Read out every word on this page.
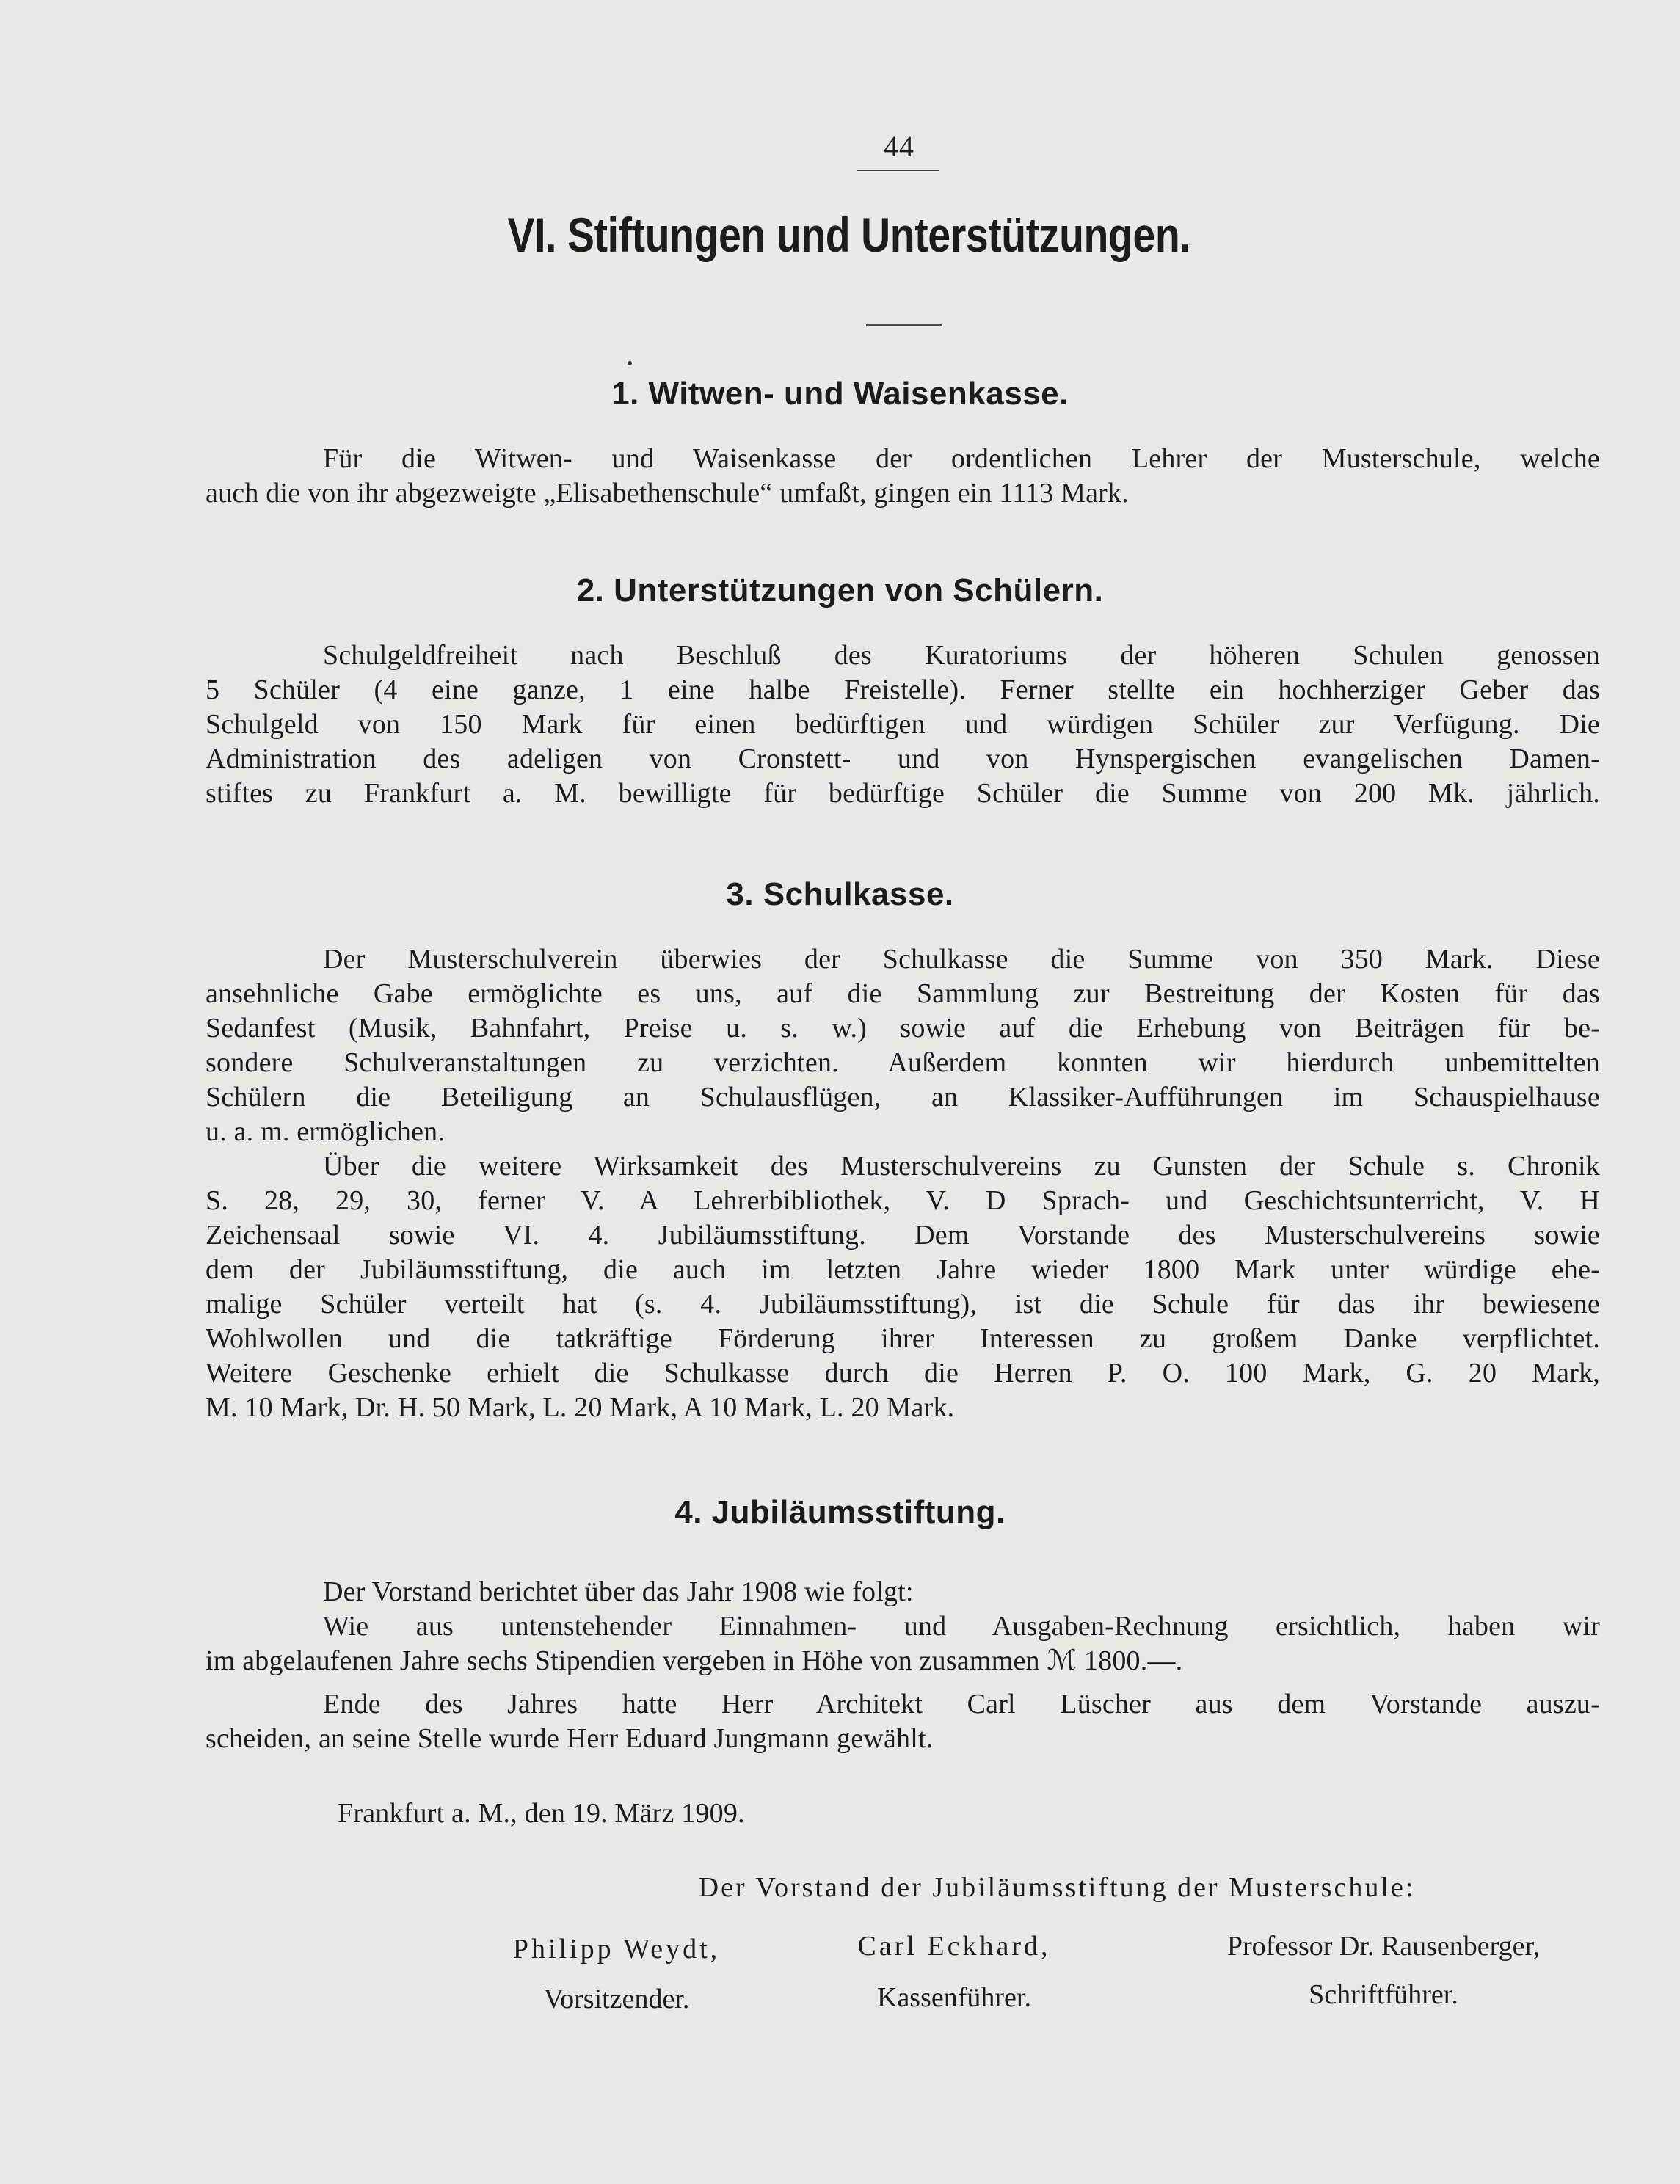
44
VI. Stiftungen und Unterstützungen.
1. Witwen- und Waisenkasse.
Für die Witwen- und Waisenkasse der ordentlichen Lehrer der Musterschule, welche
auch die von ihr abgezweigte „Elisabethenschule“ umfaßt, gingen ein 1113 Mark.
2. Unterstützungen von Schülern.
Schulgeldfreiheit nach Beschluß des Kuratoriums der höheren Schulen genossen
5 Schüler (4 eine ganze, 1 eine halbe Freistelle). Ferner stellte ein hochherziger Geber das
Schulgeld von 150 Mark für einen bedürftigen und würdigen Schüler zur Verfügung. Die
Administration des adeligen von Cronstett- und von Hynspergischen evangelischen Damen-
stiftes zu Frankfurt a. M. bewilligte für bedürftige Schüler die Summe von 200 Mk. jährlich.
3. Schulkasse.
Der Musterschulverein überwies der Schulkasse die Summe von 350 Mark. Diese
ansehnliche Gabe ermöglichte es uns, auf die Sammlung zur Bestreitung der Kosten für das
Sedanfest (Musik, Bahnfahrt, Preise u. s. w.) sowie auf die Erhebung von Beiträgen für be-
sondere Schulveranstaltungen zu verzichten. Außerdem konnten wir hierdurch unbemittelten
Schülern die Beteiligung an Schulausflügen, an Klassiker-Aufführungen im Schauspielhause
u. a. m. ermöglichen.
Über die weitere Wirksamkeit des Musterschulvereins zu Gunsten der Schule s. Chronik
S. 28, 29, 30, ferner V. A Lehrerbibliothek, V. D Sprach- und Geschichtsunterricht, V. H
Zeichensaal sowie VI. 4. Jubiläumsstiftung. Dem Vorstande des Musterschulvereins sowie
dem der Jubiläumsstiftung, die auch im letzten Jahre wieder 1800 Mark unter würdige ehe-
malige Schüler verteilt hat (s. 4. Jubiläumsstiftung), ist die Schule für das ihr bewiesene
Wohlwollen und die tatkräftige Förderung ihrer Interessen zu großem Danke verpflichtet.
Weitere Geschenke erhielt die Schulkasse durch die Herren P. O. 100 Mark, G. 20 Mark,
M. 10 Mark, Dr. H. 50 Mark, L. 20 Mark, A 10 Mark, L. 20 Mark.
4. Jubiläumsstiftung.
Der Vorstand berichtet über das Jahr 1908 wie folgt:
Wie aus untenstehender Einnahmen- und Ausgaben-Rechnung ersichtlich, haben wir
im abgelaufenen Jahre sechs Stipendien vergeben in Höhe von zusammen ℳ 1800.—.
Ende des Jahres hatte Herr Architekt Carl Lüscher aus dem Vorstande auszu-
scheiden, an seine Stelle wurde Herr Eduard Jungmann gewählt.
Frankfurt a. M., den 19. März 1909.
Der Vorstand der Jubiläumsstiftung der Musterschule:
Philipp Weydt,
Vorsitzender.
Carl Eckhard,
Kassenführer.
Professor Dr. Rausenberger,
Schriftführer.
